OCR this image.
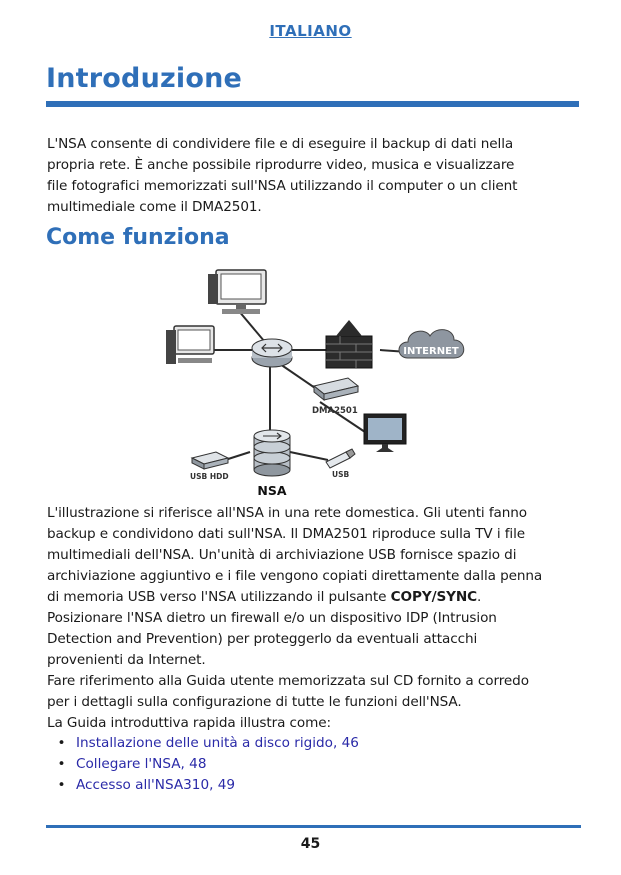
ITALIANO
Introduzione
L'NSA consente di condividere file e di eseguire il backup di dati nella
propria rete. È anche possibile riprodurre video, musica e visualizzare
file fotografici memorizzati sull'NSA utilizzando il computer o un client
multimediale come il DMA2501.
Come funziona
INTERNET
DMA2501
NSA
USB HDD	USB
L'illustrazione si riferisce all'NSA in una rete domestica. Gli utenti fanno
backup e condividono dati sull'NSA. Il DMA2501 riproduce sulla TV i file
multimediali dell'NSA. Un'unità di archiviazione USB fornisce spazio di
archiviazione aggiuntivo e i file vengono copiati direttamente dalla penna
di memoria USB verso l'NSA utilizzando il pulsante COPY/SYNC.
Posizionare l'NSA dietro un firewall e/o un dispositivo IDP (Intrusion
Detection and Prevention) per proteggerlo da eventuali attacchi
provenienti da Internet.
Fare riferimento alla Guida utente memorizzata sul CD fornito a corredo
per i dettagli sulla configurazione di tutte le funzioni dell'NSA.
La Guida introduttiva rapida illustra come:
• Installazione delle unità a disco rigido, 46
• Collegare l'NSA, 48
• Accesso all'NSA310, 49
45
